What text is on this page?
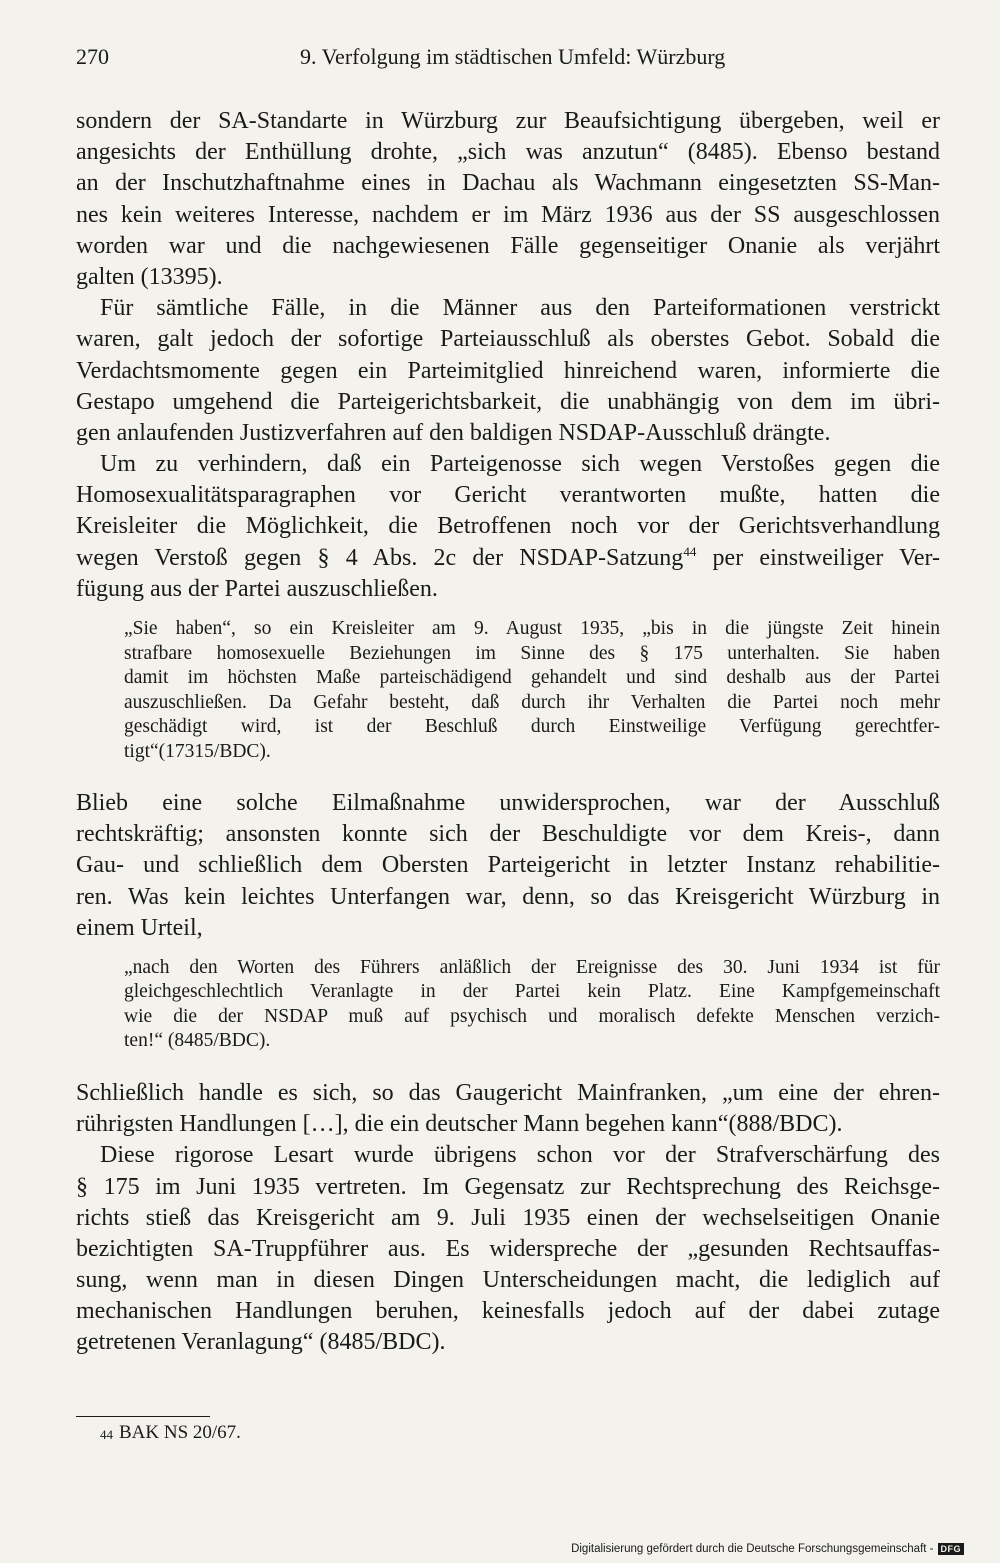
270	9. Verfolgung im städtischen Umfeld: Würzburg
sondern der SA-Standarte in Würzburg zur Beaufsichtigung übergeben, weil er
angesichts der Enthüllung drohte, „sich was anzutun“ (8485). Ebenso bestand
an der Inschutzhaftnahme eines in Dachau als Wachmann eingesetzten SS-Man-
nes kein weiteres Interesse, nachdem er im März 1936 aus der SS ausgeschlossen
worden war und die nachgewiesenen Fälle gegenseitiger Onanie als verjährt
galten (13395).
Für sämtliche Fälle, in die Männer aus den Parteiformationen verstrickt
waren, galt jedoch der sofortige Parteiausschluß als oberstes Gebot. Sobald die
Verdachtsmomente gegen ein Parteimitglied hinreichend waren, informierte die
Gestapo umgehend die Parteigerichtsbarkeit, die unabhängig von dem im übri-
gen anlaufenden Justizverfahren auf den baldigen NSDAP-Ausschluß drängte.
Um zu verhindern, daß ein Parteigenosse sich wegen Verstoßes gegen die
Homosexualitätsparagraphen vor Gericht verantworten mußte, hatten die
Kreisleiter die Möglichkeit, die Betroffenen noch vor der Gerichtsverhandlung
wegen Verstoß gegen § 4 Abs. 2c der NSDAP-Satzung$^{44}$ per einstweiliger Ver-
fügung aus der Partei auszuschließen.
„Sie haben“, so ein Kreisleiter am 9. August 1935, „bis in die jüngste Zeit hinein
strafbare homosexuelle Beziehungen im Sinne des § 175 unterhalten. Sie haben
damit im höchsten Maße parteischädigend gehandelt und sind deshalb aus der Partei
auszuschließen. Da Gefahr besteht, daß durch ihr Verhalten die Partei noch mehr
geschädigt wird, ist der Beschluß durch Einstweilige Verfügung gerechtfer-
tigt“(17315/BDC).
Blieb eine solche Eilmaßnahme unwidersprochen, war der Ausschluß
rechtskräftig; ansonsten konnte sich der Beschuldigte vor dem Kreis-, dann
Gau- und schließlich dem Obersten Parteigericht in letzter Instanz rehabilitie-
ren. Was kein leichtes Unterfangen war, denn, so das Kreisgericht Würzburg in
einem Urteil,
„nach den Worten des Führers anläßlich der Ereignisse des 30. Juni 1934 ist für
gleichgeschlechtlich Veranlagte in der Partei kein Platz. Eine Kampfgemeinschaft
wie die der NSDAP muß auf psychisch und moralisch defekte Menschen verzich-
ten!“ (8485/BDC).
Schließlich handle es sich, so das Gaugericht Mainfranken, „um eine der ehren-
rührigsten Handlungen […], die ein deutscher Mann begehen kann“(888/BDC).
Diese rigorose Lesart wurde übrigens schon vor der Strafverschärfung des
§ 175 im Juni 1935 vertreten. Im Gegensatz zur Rechtsprechung des Reichsge-
richts stieß das Kreisgericht am 9. Juli 1935 einen der wechselseitigen Onanie
bezichtigten SA-Truppführer aus. Es widerspreche der „gesunden Rechtsauffas-
sung, wenn man in diesen Dingen Unterscheidungen macht, die lediglich auf
mechanischen Handlungen beruhen, keinesfalls jedoch auf der dabei zutage
getretenen Veranlagung“ (8485/BDC).
$^{44}$ BAK NS 20/67.
Digitalisierung gefördert durch die Deutsche Forschungsgemeinschaft - DFG
